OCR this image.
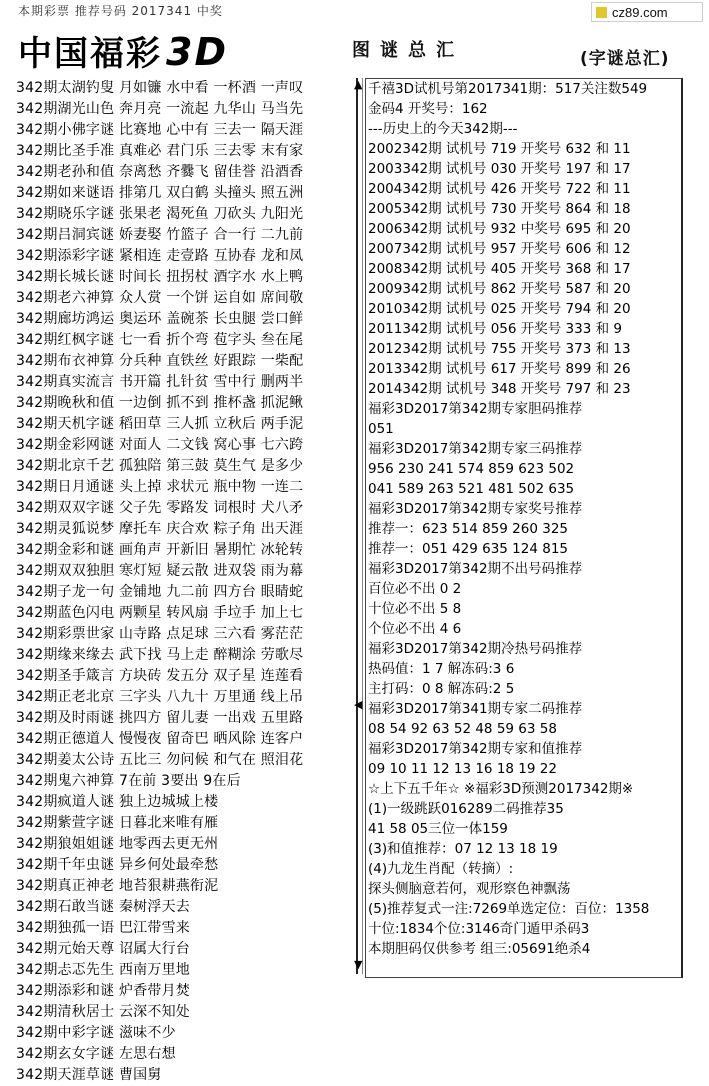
本期彩票 推荐号码 2017341 中奖	cz89.com
中国福彩 3D	图谜总汇	(字谜总汇)
342期太湖钓叟 月如镰 水中看 一杯酒 一声叹
342期湖光山色 奔月亮 一流起 九华山 马当先
342期小佛字谜 比赛地 心中有 三去一 隔天涯
342期比圣手准 真难必 君门乐 三去零 末有家
342期老孙和值 奈离愁 齐爨飞 留佳誉 沿酒香
342期如来谜语 排第几 双白鹤 头撞头 照五洲
342期晓乐字谜 张果老 渴死鱼 刀砍头 九阳光
342期吕洞宾谜 娇妻娶 竹篮子 合一行 二九前
342期添彩字谜 紧相连 走壹路 互协春 龙和凤
342期长城长谜 时间长 扭拐杖 酒字水 水上鸭
342期老六神算 众人赏 一个饼 运自如 席间敬
342期廊坊鸿运 奥运环 盖碗茶 长虫腿 尝口鲜
342期红枫字谜 七一看 折个弯 苞字头 叁在尾
342期布衣神算 分兵种 直铁丝 好跟踪 一柴配
342期真实流言 书开篇 扎针贫 雪中行 删两半
342期晚秋和值 一边倒 抓不到 推杯盏 抓泥鳅
342期天机字谜 稻田草 三人抓 立秋后 两手泥
342期金彩网谜 对面人 二文钱 窝心事 七六跨
342期北京千艺 孤独陪 第三鼓 莫生气 是多少
342期日月通谜 头上掉 求状元 瓶中物 一连二
342期双双字谜 父子先 零路发 词根时 犬八矛
342期灵狐说梦 摩托车 庆合欢 粽子角 出天涯
342期金彩和谜 画角声 开新旧 暑期忙 冰轮转
342期双双独胆 寒灯短 疑云散 进双袋 雨为幕
342期子龙一句 金铺地 九二前 四方台 眼睛蛇
342期蓝色闪电 两颗星 转风扇 手垃手 加上七
342期彩票世家 山寺路 点足球 三六看 雾茫茫
342期缘来缘去 武下找 马上走 醉糊涂 劳歌尽
342期圣手箴言 方块砖 发五分 双子星 连莲看
342期正老北京 三字头 八九十 万里通 线上吊
342期及时雨谜 挑四方 留儿妻 一出戏 五里路
342期正德道人 慢慢夜 留奇巴 晒风除 连客户
342期姜太公诗 五比三 勿问候 和气在 照泪花
342期鬼六神算 7在前 3要出 9在后
342期疯道人谜 独上边城城上楼
342期紫萱字谜 日暮北来唯有雁
342期狼姐姐谜 地零西去更无州
342期千年虫谜 异乡何处最牵愁
342期真正神老 地苔狠耕燕衔泥
342期石敢当谜 秦树浮天去
342期独孤一语 巴江带雪来
342期元始天尊 诏属大行台
342期忐忑先生 西南万里地
342期添彩和谜 炉香带月焚
342期清秋居士 云深不知处
342期中彩字谜 滋味不少
342期玄女字谜 左思右想
342期天涯草谜 曹国舅
▲
◀
▼
千禧3D试机号第2017341期：517关注数549
金码4 开奖号：162
---历史上的今天342期---
2002342期 试机号 719 开奖号 632 和 11
2003342期 试机号 030 开奖号 197 和 17
2004342期 试机号 426 开奖号 722 和 11
2005342期 试机号 730 开奖号 864 和 18
2006342期 试机号 932 中奖号 695 和 20
2007342期 试机号 957 开奖号 606 和 12
2008342期 试机号 405 开奖号 368 和 17
2009342期 试机号 862 开奖号 587 和 20
2010342期 试机号 025 开奖号 794 和 20
2011342期 试机号 056 开奖号 333 和 9
2012342期 试机号 755 开奖号 373 和 13
2013342期 试机号 617 开奖号 899 和 26
2014342期 试机号 348 开奖号 797 和 23
福彩3D2017第342期专家胆码推荐
051
福彩3D2017第342期专家三码推荐
956 230 241 574 859 623 502
041 589 263 521 481 502 635
福彩3D2017第342期专家奖号推荐
推荐一：623 514 859 260 325
推荐一：051 429 635 124 815
福彩3D2017第342期不出号码推荐
百位必不出 0 2
十位必不出 5 8
个位必不出 4 6
福彩3D2017第342期冷热号码推荐
热码值：1 7 解冻码:3 6
主打码：0 8 解冻码:2 5
福彩3D2017第341期专家二码推荐
08 54 92 63 52 48 59 63 58
福彩3D2017第342期专家和值推荐
09 10 11 12 13 16 18 19 22
☆上下五千年☆ ※福彩3D预测2017342期※
(1)一级跳跃016289二码推荐35
41 58 05三位一体159
(3)和值推荐：07 12 13 18 19
(4)九龙生肖配（转摘）:
探头侧脑意若何，观形察色神飘荡
(5)推荐复式一注:7269单选定位：百位：1358
十位:1834个位:3146奇门遁甲杀码3
本期胆码仅供参考 组三:05691绝杀4
